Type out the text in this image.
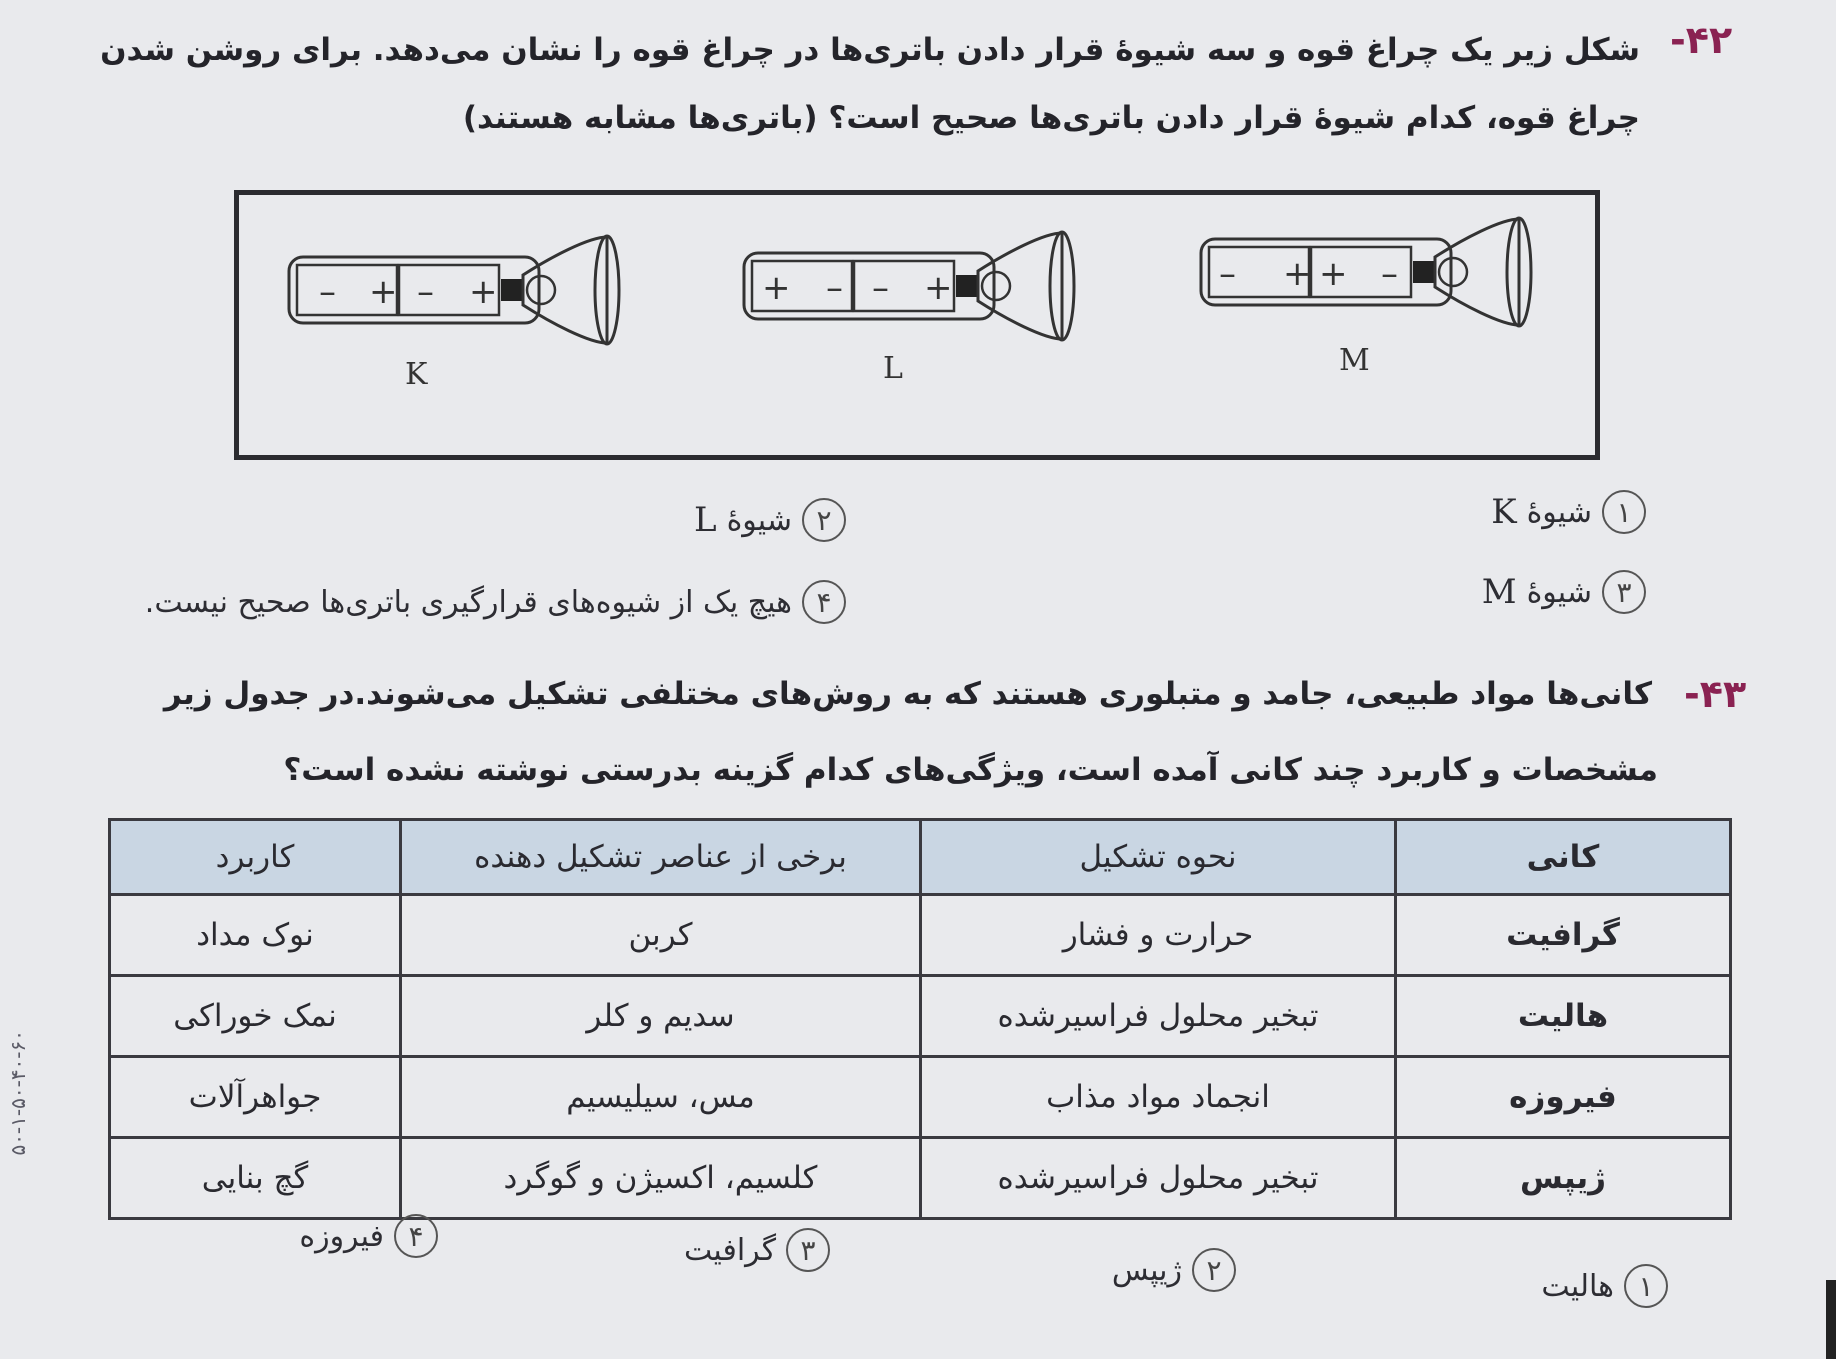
-۴۲
شکل زیر یک چراغ قوه و سه شیوهٔ قرار دادن باتری‌ها در چراغ قوه را نشان می‌دهد. برای روشن شدن
چراغ قوه، کدام شیوهٔ قرار دادن باتری‌ها صحیح است؟ (باتری‌ها مشابه هستند)
– + – +	+ – – +	– + + –
K	L	M
۱
شیوهٔ
K
۲
شیوهٔ
L
۳
شیوهٔ
M
۴
هیچ یک از شیوه‌های قرارگیری باتری‌ها صحیح نیست.
-۴۳
کانی‌ها مواد طبیعی، جامد و متبلوری هستند که به روش‌های مختلفی تشکیل می‌شوند.در جدول زیر
مشخصات و کاربرد چند کانی آمده است، ویژگی‌های کدام گزینه بدرستی نوشته نشده است؟
کانی	نحوه تشکیل	برخی از عناصر تشکیل دهنده	کاربرد
گرافیت	حرارت و فشار	کربن	نوک مداد
هالیت	تبخیر محلول فراسیرشده	سدیم و کلر	نمک خوراکی
فیروزه	انجماد مواد مذاب	مس، سیلیسیم	جواهرآلات
ژیپس	تبخیر محلول فراسیرشده	کلسیم، اکسیژن و گوگرد	گچ بنایی
۱
هالیت
۲
ژیپس
۳
گرافیت
۴
فیروزه
۵۰-۱-۵۰-۴۰-۶۰
